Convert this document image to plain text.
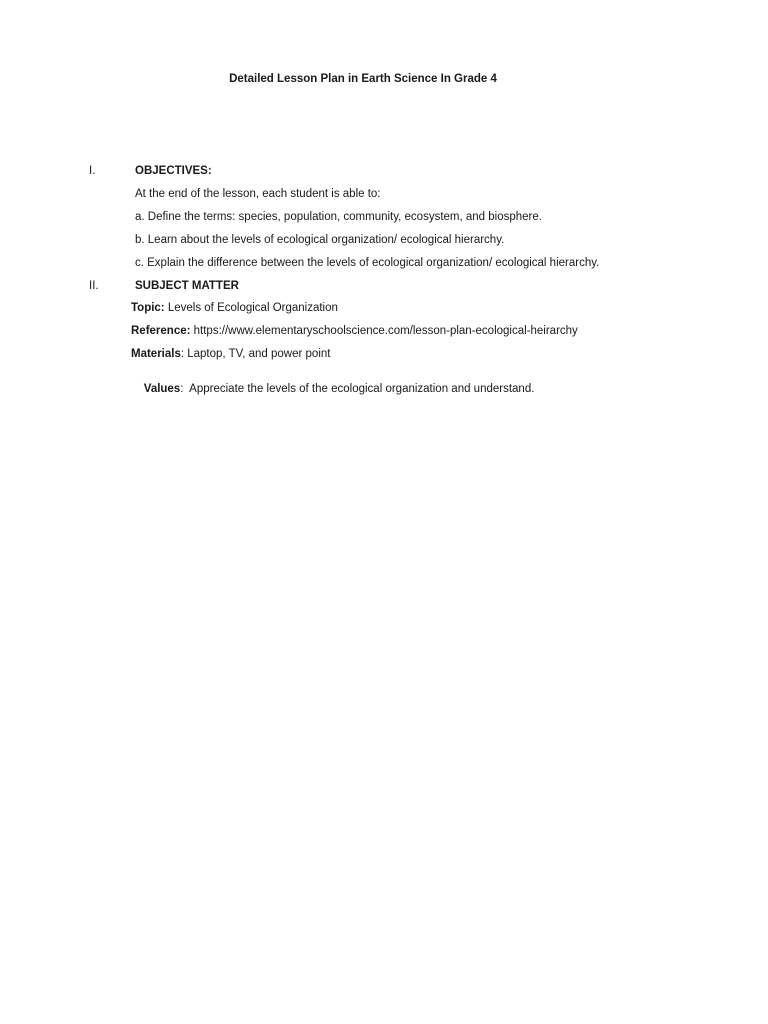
Detailed Lesson Plan in Earth Science In Grade 4
I.	OBJECTIVES:
At the end of the lesson, each student is able to:
a. Define the terms: species, population, community, ecosystem, and biosphere.
b. Learn about the levels of ecological organization/ ecological hierarchy.
c. Explain the difference between the levels of ecological organization/ ecological hierarchy.
II.	SUBJECT MATTER
Topic: Levels of Ecological Organization
Reference: https://www.elementaryschoolscience.com/lesson-plan-ecological-heirarchy
Materials: Laptop, TV, and power point

Values:  Appreciate the levels of the ecological organization and understand.
